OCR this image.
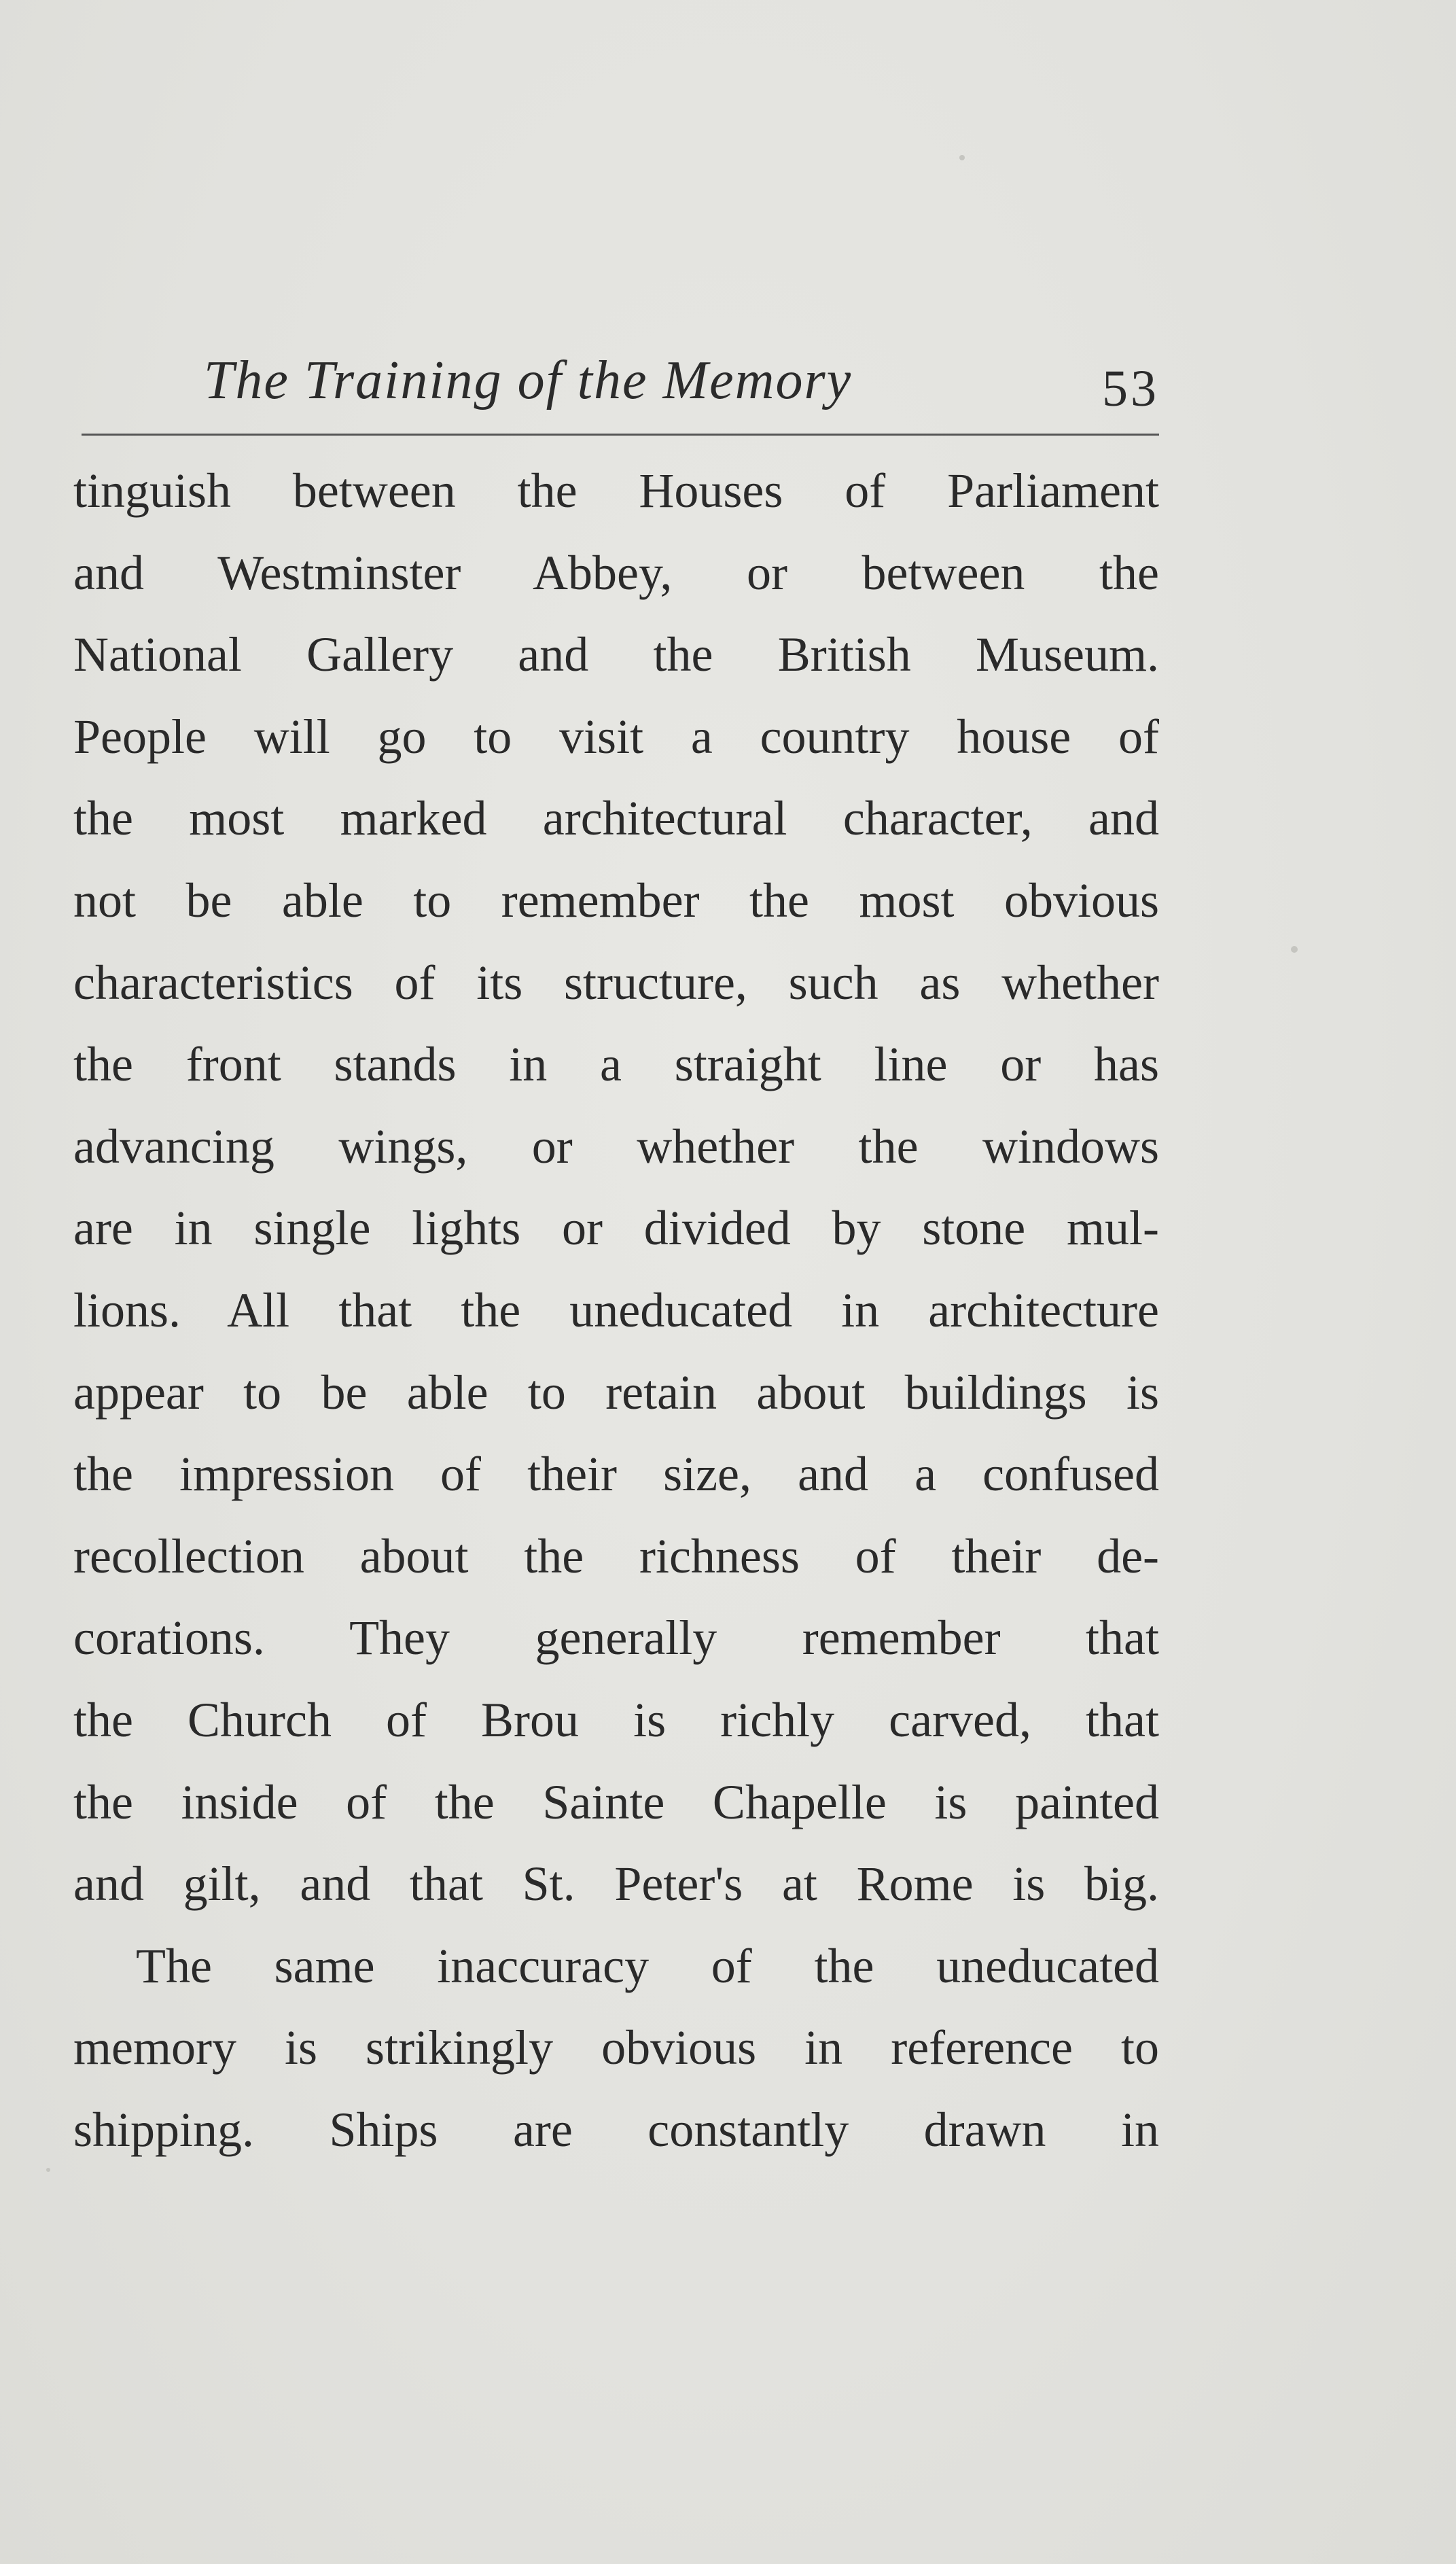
The Training of the Memory	53
tinguish between the Houses of Parliament
and Westminster Abbey, or between the
National Gallery and the British Museum.
People will go to visit a country house of
the most marked architectural character, and
not be able to remember the most obvious
characteristics of its structure, such as whether
the front stands in a straight line or has
advancing wings, or whether the windows
are in single lights or divided by stone mul-
lions. All that the uneducated in architecture
appear to be able to retain about buildings is
the impression of their size, and a confused
recollection about the richness of their de-
corations. They generally remember that
the Church of Brou is richly carved, that
the inside of the Sainte Chapelle is painted
and gilt, and that St. Peter's at Rome is big.
The same inaccuracy of the uneducated
memory is strikingly obvious in reference to
shipping. Ships are constantly drawn in
